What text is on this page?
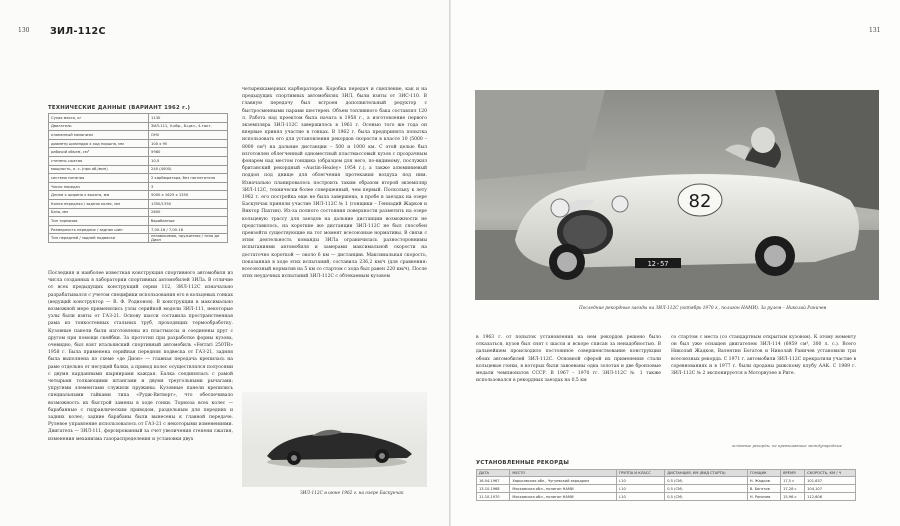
130 ЗИЛ-112С
ТЕХНИЧЕСКИЕ ДАННЫЕ (ВАРИАНТ 1962 г.)
Сухая масса, кг	1130
Двигатель	ЗИЛ-111, V-обр., 8-цил., 4-такт.
клапанный механизм	OHV
диаметр цилиндра х ход поршня, мм	100 х 95
рабочий объем, см³	5980
степень сжатия	10,5
мощность, л. с. (при об./мин)	240 (4000)
система питания	2 карбюратора, без нагнетателя
Число передач	3
Длина х ширина х высота, мм	5000 х 1625 х 1350
Колея передняя / задняя колес, мм	1350/1350
База, мм	2600
Тип тормозов	барабанные
Размерность передних / задних шин	7,00-16 / 7,00-16
Тип передней / задней подвески	независимая, пружинная / типа де Дион

Последняя и наиболее известная конструкция спортивного автомобиля из числа созданных в лаборатории спортивных автомобилей ЗИЛа. В отличие от всех предыдущих конструкций серии 112, ЗИЛ-112С изначально разрабатывался с учетом специфики использования его в кольцевых гонках (ведущий конструктор — В. Ф. Родионов). В конструкции в максимально возможной мере применялись узлы серийной модели ЗИЛ-111, некоторые узлы были взяты от ГАЗ-21. Основу шасси составила пространственная рама из тонкостенных стальных труб, проходящих термообработку. Кузовные панели были изготовлены из пластмассы и соединены друг с другом при помощи скейбки. За прототип при разработке формы кузова, очевидно, был взят итальянский спортивный автомобиль «Ferrari 250TR» 1958 г. Была применена серийная передняя подвеска от ГАЗ-21, задняя была выполнена по схеме «де Дион» — главная передача крепилась на раме отдельно от несущей балки, а привод колес осуществлялся полуосями с двумя карданными шарнирами каждая. Балка соединялась с рамой четырьмя толкающими штангами и двумя треугольными рычагами; упругими элементами служили пружины. Кузовные панели крепились специальными гайками типа «Рудж-Витворт», что обеспечивало возможность их быстрой замены в ходе гонки. Тормоза всех колес — барабанные с гидравлическим приводом, раздельным для передних и задних колес; задние барабаны были вынесены к главной передаче. Рулевое управление использовалось от ГАЗ-21 с некоторыми изменениями. Двигатель — ЗИЛ-111, форсированный за счет увеличения степени сжатия, изменения механизма газораспределения и установки двух

четырехкамерных карбюраторов. Коробка передач и сцепление, как и на предыдущих спортивных автомобилях ЗИЛ, были взяты от ЗИС-110. В главную передачу был встроен дополнительный редуктор с быстросменными парами шестерен. Объем топливного бака составлял 120 л. Работа над проектом была начата в 1958 г., а изготовление первого экземпляра ЗИЛ-112С завершилось в 1961 г. Осенью того же года он впервые принял участие в гонках. В 1962 г. была предпринята попытка использовать его для установления рекордов скорости в классе 10 (5000 – 8000 см³) на дальние дистанции – 500 и 1000 км. С этой целью был изготовлен облегченный одноместный пластмассовый кузов с прозрачным фонарем над местом гонщика (образцом для него, по-видимому, послужил британский рекордный «Austin-Healey» 1954 г.), а также алюминиевый поддон под днище для облегчения протекания воздуха под ним. Изначально планировалось построить таким образом второй экземпляр ЗИЛ-112С, технически более совершенный, чем первый. Поскольку к лету 1962 г. его постройка еще не была завершена, в пробе в заездах на озере Баскунчак приняли участие ЗИЛ-112С № 1 (гонщики – Геннадий Жарков и Виктор Пахтин). Из-за полного состояния поверхности разметить на озере кольцевую трассу для заездов на дальние дистанции возможности не представилось, на короткие же дистанции ЗИЛ-112С не был способен превзойти существующие на тот момент всесоюзные нормативы. В связи с этим деятельность команды ЗИЛа ограничилась разностороннимы испытаниями автомобиля и замерами максимальной скорости на достаточно короткой — около 6 км — дистанции. Максимальная скорость, показанная в ходе этих испытаний, составила 236,2 км/ч (для сравнения: всесоюзный норматив на 5 км со стартом с хода был равен 220 км/ч). После этих неудачных испытаний ЗИЛ-112С с обтекаемым кузовом

ЗИЛ-112С в июне 1962 г. на озере Баскунчак
131
82
12-57
Последние рекордные заезды на ЗИЛ-112С (октябрь 1970 г., полигон НАМИ). За рулем – Николай Раничев

в 1963 г. от попыток установления на нем рекордов решено было отказаться, кузов был снят с шасси и вскоре списан за ненадобностью. В дальнейшем происходило постоянное совершенствование конструкции обоих автомобилей ЗИЛ-112С. Основной сферой их применения стали кольцевые гонки, в которых были завоеваны одна золотая и две бронзовые медали чемпионатов СССР. В 1967 – 1970 гг. ЗИЛ-112С № 1 также использовался в рекордных заездах на 0,5 км

со стартом с места (со стандартным открытым кузовом). К этому моменту он был уже оснащен двигателем ЗИЛ-114 (6959 см³, 300 л. с.). Всего Николай Жадков, Валентин Богатов и Николай Раничев установили три всесоюзных рекорда. С 1971 г. автомобили ЗИЛ-112С прекратили участие в соревнованиях и в 1977 г. были проданы рижскому клубу ААК. С 1989 г. ЗИЛ-112С № 2 экспонируется в Моторвузее в Риге.

основные рекорды, не превышавшие международные
УСТАНОВЛЕННЫЕ РЕКОРДЫ
ДАТА	МЕСТО	ГРУППА И КЛАСС	ДИСТАНЦИЯ, КМ (ВИД СТАРТА)	ГОНЩИК	ВРЕМЯ	СКОРОСТЬ, КМ / Ч
16.04.1967	Харьковская обл., Чугуевский аэродром	I-10	0,5 (СМ)	Н. Жадков	17,5 с	101,637
13.10.1968	Московская обл., полигон НАМИ	I-10	0,5 (СМ)	В. Богатов	17,28 с	104,107
11.10.1970	Московская обл., полигон НАМИ	I-10	0,5 (СМ)	Н. Раничев	15,96 с	112,606
